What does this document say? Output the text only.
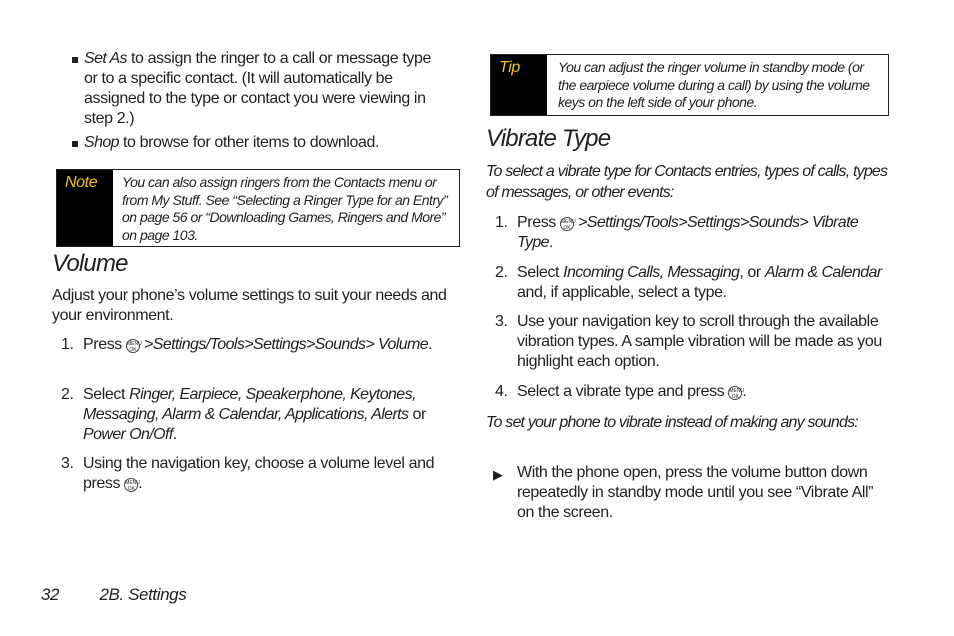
Set As to assign the ringer to a call or message type or to a specific contact. (It will automatically be assigned to the type or contact you were viewing in step 2.)
Shop to browse for other items to download.
Note	You can also assign ringers from the Contacts menu or from My Stuff. See “Selecting a Ringer Type for an Entry” on page 56 or “Downloading Games, Ringers and More” on page 103.
Volume

Adjust your phone’s volume settings to suit your needs and your environment.

1. Press MENU
OK >Settings/Tools>Settings>Sounds> Volume.
2. Select Ringer, Earpiece, Speakerphone, Keytones, Messaging, Alarm & Calendar, Applications, Alerts or Power On/Off.
3. Using the navigation key, choose a volume level and press MENU
OK .
Tip	You can adjust the ringer volume in standby mode (or the earpiece volume during a call) by using the volume keys on the left side of your phone.
Vibrate Type

To select a vibrate type for Contacts entries, types of calls, types of messages, or other events:

1. Press MENU
OK >Settings/Tools>Settings>Sounds> Vibrate Type.
2. Select Incoming Calls, Messaging, or Alarm & Calendar and, if applicable, select a type.
3. Use your navigation key to scroll through the available vibration types. A sample vibration will be made as you highlight each option.
4. Select a vibrate type and press MENU
OK .

To set your phone to vibrate instead of making any sounds:

▶ With the phone open, press the volume button down repeatedly in standby mode until you see “Vibrate All” on the screen.
32 2B. Settings
